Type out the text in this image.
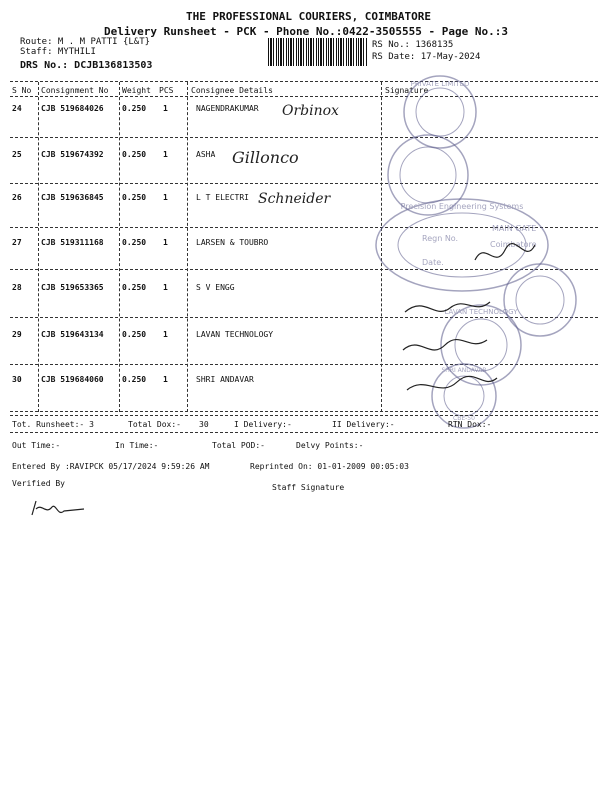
THE PROFESSIONAL COURIERS, COIMBATORE
Delivery Runsheet - PCK - Phone No.:0422-3505555 - Page No.:3
Route: M . M PATTI {L&T}
Staff: MYTHILI
DRS No.: DCJB136813503
RS No.: 1368135
RS Date: 17-May-2024
S No Consignment No Weight PCS Consignee Details	Signature
24 CJB 519684026 0.250 1	NAGENDRAKUMAR Orbinox
25 CJB 519674392 0.250 1	ASHA Gillonco
26 CJB 519636845 0.250 1	L T ELECTRI Schneider
27 CJB 519311168 0.250 1	LARSEN & TOUBRO
28 CJB 519653365 0.250 1	S V ENGG
29 CJB 519643134 0.250 1	LAVAN TECHNOLOGY
30 CJB 519684060 0.250 1	SHRI ANDAVAR
PRIVATE LIMITED
Precision Engineering Systems
Regn No.
Date.
MAIN GATE
Coimbatore
LAVAN TECHNOLOGY
SHRI ANDAVAR
CBE-50
Tot. Runsheet:- 3	Total Dox:- 30	I Delivery:-	II Delivery:-	RTN Dox:-
Out Time:-	In Time:-	Total POD:-	Delvy Points:-
Entered By :RAVIPCK 05/17/2024 9:59:26 AM	Reprinted On: 01-01-2009 00:05:03
Verified By	Staff Signature
